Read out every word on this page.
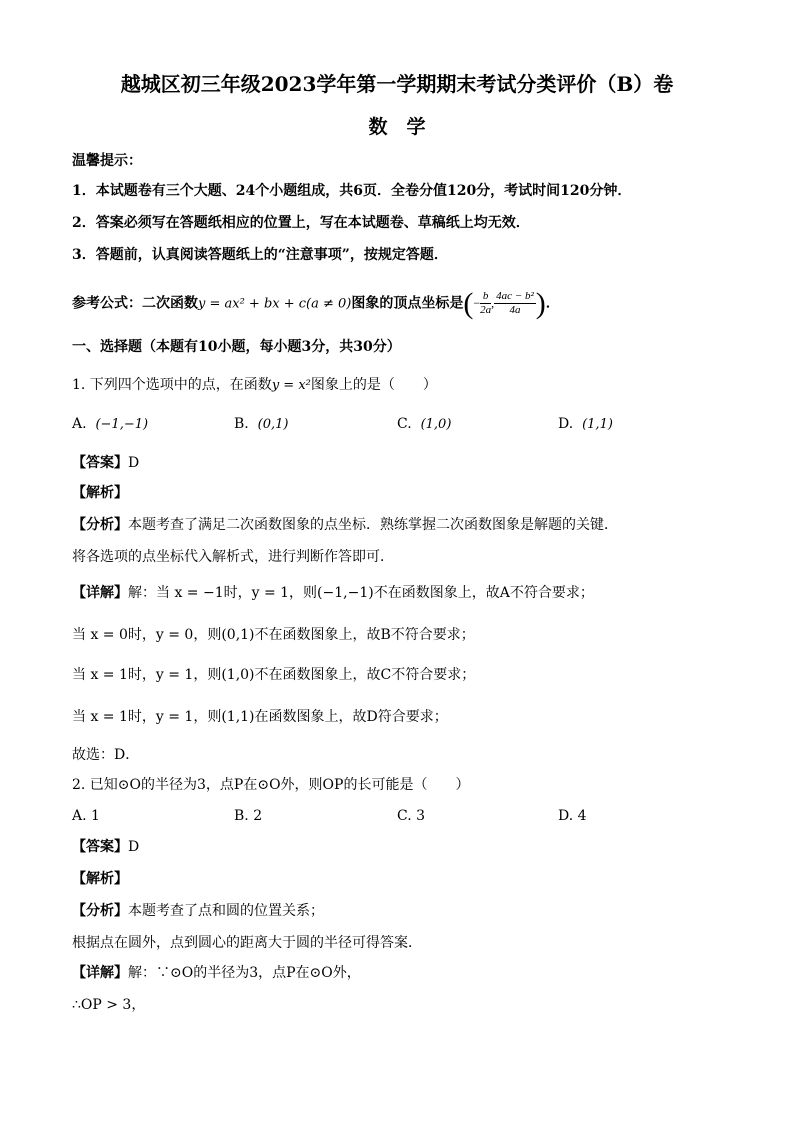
越城区初三年级2023学年第一学期期末考试分类评价（B）卷
数　学
温馨提示：
1．本试题卷有三个大题、24个小题组成，共6页．全卷分值120分，考试时间120分钟．
2．答案必须写在答题纸相应的位置上，写在本试题卷、草稿纸上均无效．
3．答题前，认真阅读答题纸上的“注意事项”，按规定答题．
参考公式：二次函数y = ax² + bx + c(a ≠ 0)图象的顶点坐标是(− $\frac{b}{2a}$ , $\frac{\text{4ac − b²}}{4a}$ )．
一、选择题（本题有10小题，每小题3分，共30分）
1. 下列四个选项中的点，在函数y = x²图象上的是（　　）
A. (−1,−1)	B. (0,1)	C. (1,0)	D. (1,1)
【答案】D
【解析】
【分析】本题考查了满足二次函数图象的点坐标．熟练掌握二次函数图象是解题的关键．
将各选项的点坐标代入解析式，进行判断作答即可．
【详解】解：当 x = −1时，y = 1，则(−1,−1)不在函数图象上，故A不符合要求；
当 x = 0时，y = 0，则(0,1)不在函数图象上，故B不符合要求；
当 x = 1时，y = 1，则(1,0)不在函数图象上，故C不符合要求；
当 x = 1时，y = 1，则(1,1)在函数图象上，故D符合要求；
故选：D．
2. 已知⊙O的半径为3，点P在⊙O外，则OP的长可能是（　　）
A. 1	B. 2	C. 3	D. 4
【答案】D
【解析】
【分析】本题考查了点和圆的位置关系；
根据点在圆外，点到圆心的距离大于圆的半径可得答案．
【详解】解：∵⊙O的半径为3，点P在⊙O外，
∴OP > 3，
